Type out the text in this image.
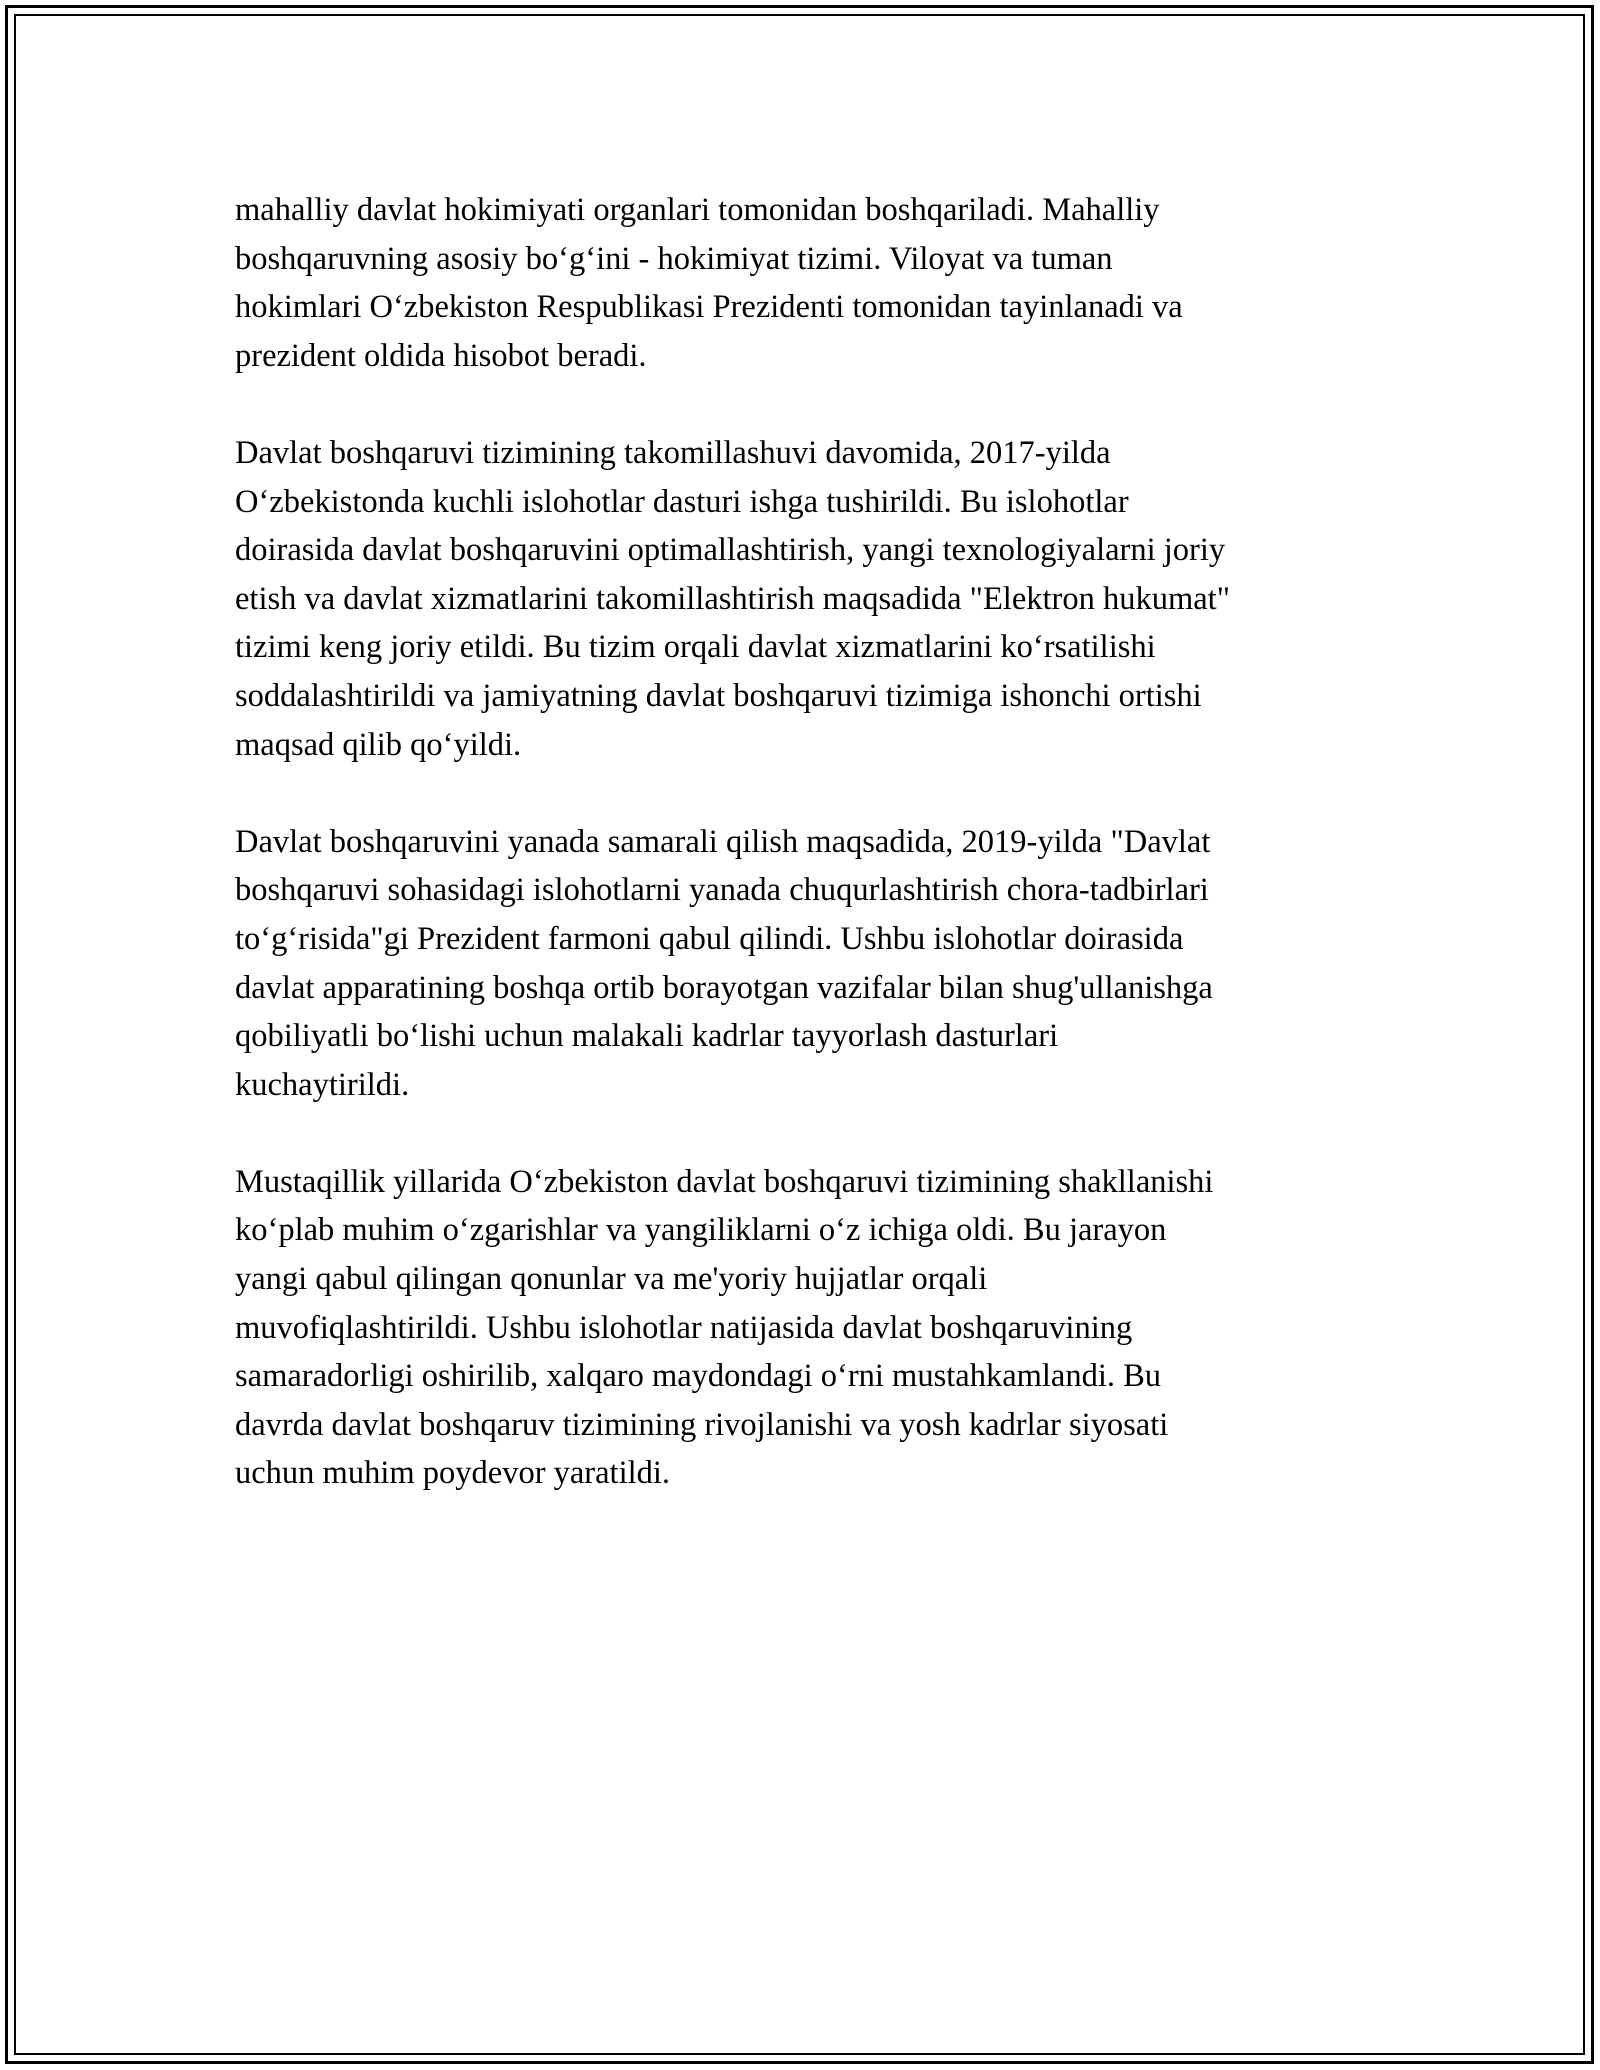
mahalliy davlat hokimiyati organlari tomonidan boshqariladi. Mahalliy
boshqaruvning asosiy bo‘g‘ini - hokimiyat tizimi. Viloyat va tuman
hokimlari O‘zbekiston Respublikasi Prezidenti tomonidan tayinlanadi va
prezident oldida hisobot beradi.

Davlat boshqaruvi tizimining takomillashuvi davomida, 2017-yilda
O‘zbekistonda kuchli islohotlar dasturi ishga tushirildi. Bu islohotlar
doirasida davlat boshqaruvini optimallashtirish, yangi texnologiyalarni joriy
etish va davlat xizmatlarini takomillashtirish maqsadida "Elektron hukumat"
tizimi keng joriy etildi. Bu tizim orqali davlat xizmatlarini ko‘rsatilishi
soddalashtirildi va jamiyatning davlat boshqaruvi tizimiga ishonchi ortishi
maqsad qilib qo‘yildi.

Davlat boshqaruvini yanada samarali qilish maqsadida, 2019-yilda "Davlat
boshqaruvi sohasidagi islohotlarni yanada chuqurlashtirish chora-tadbirlari
to‘g‘risida"gi Prezident farmoni qabul qilindi. Ushbu islohotlar doirasida
davlat apparatining boshqa ortib borayotgan vazifalar bilan shug'ullanishga
qobiliyatli bo‘lishi uchun malakali kadrlar tayyorlash dasturlari
kuchaytirildi.

Mustaqillik yillarida O‘zbekiston davlat boshqaruvi tizimining shakllanishi
ko‘plab muhim o‘zgarishlar va yangiliklarni o‘z ichiga oldi. Bu jarayon
yangi qabul qilingan qonunlar va me'yoriy hujjatlar orqali
muvofiqlashtirildi. Ushbu islohotlar natijasida davlat boshqaruvining
samaradorligi oshirilib, xalqaro maydondagi o‘rni mustahkamlandi. Bu
davrda davlat boshqaruv tizimining rivojlanishi va yosh kadrlar siyosati
uchun muhim poydevor yaratildi.
